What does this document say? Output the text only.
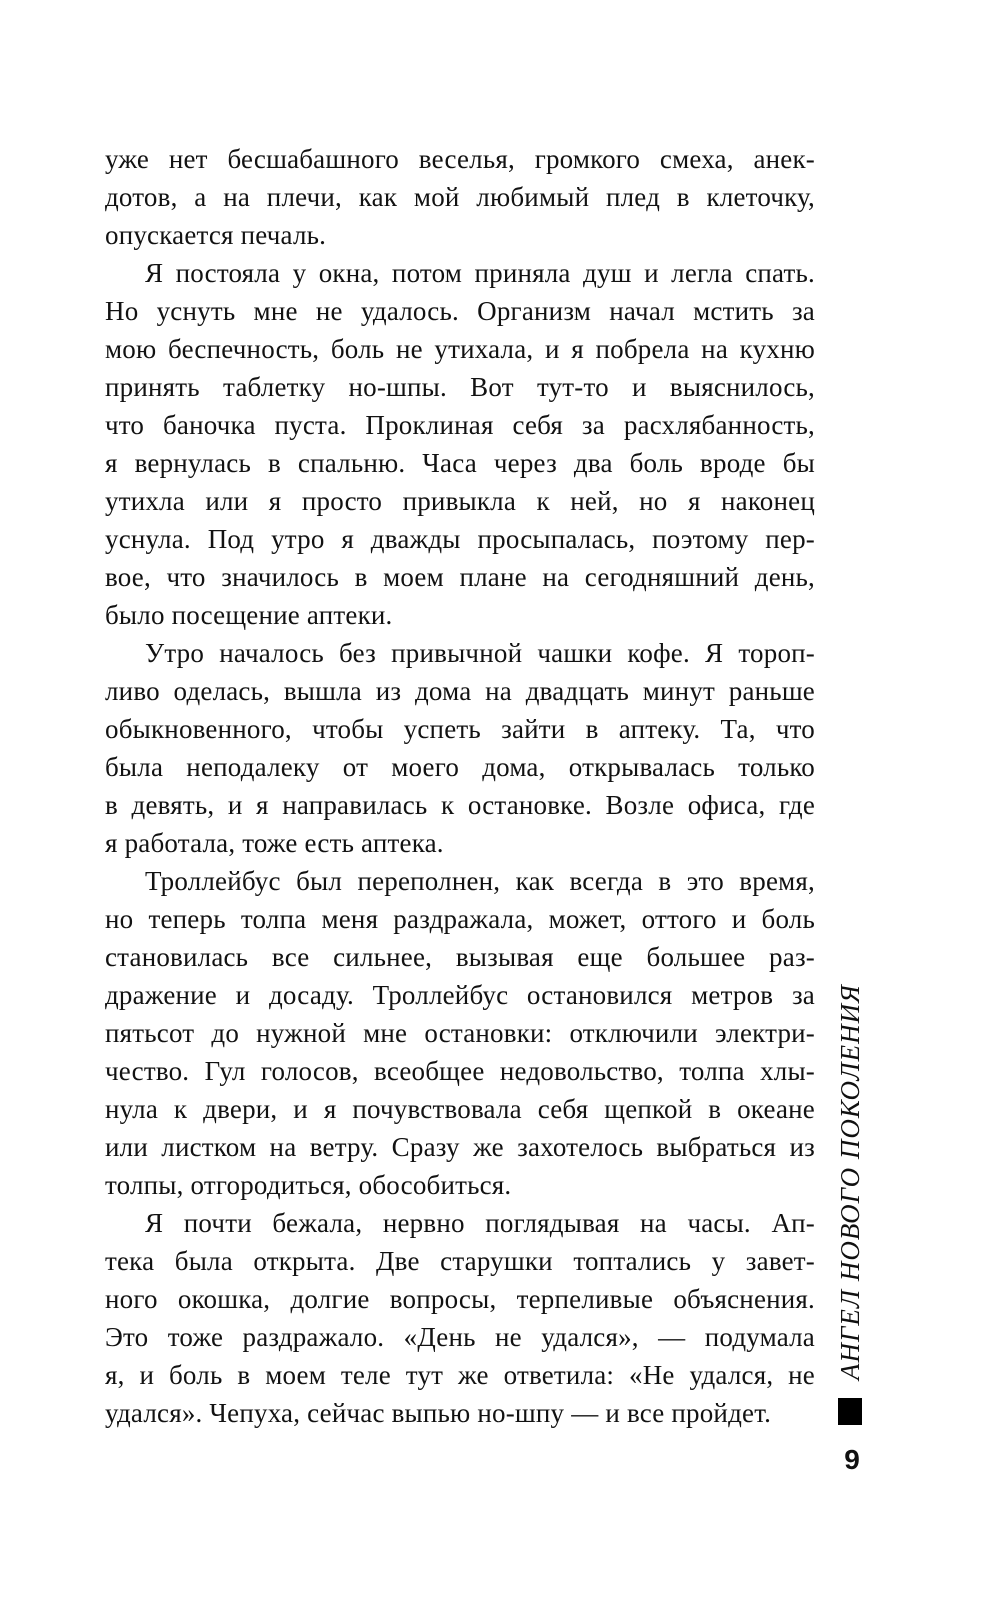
уже нет бесшабашного веселья, громкого смеха, анек-
дотов, а на плечи, как мой любимый плед в клеточку,
опускается печаль.
Я постояла у окна, потом приняла душ и легла спать.
Но уснуть мне не удалось. Организм начал мстить за
мою беспечность, боль не утихала, и я побрела на кухню
принять таблетку но-шпы. Вот тут-то и выяснилось,
что баночка пуста. Проклиная себя за расхлябанность,
я вернулась в спальню. Часа через два боль вроде бы
утихла или я просто привыкла к ней, но я наконец
уснула. Под утро я дважды просыпалась, поэтому пер-
вое, что значилось в моем плане на сегодняшний день,
было посещение аптеки.
Утро началось без привычной чашки кофе. Я тороп-
ливо оделась, вышла из дома на двадцать минут раньше
обыкновенного, чтобы успеть зайти в аптеку. Та, что
была неподалеку от моего дома, открывалась только
в девять, и я направилась к остановке. Возле офиса, где
я работала, тоже есть аптека.
Троллейбус был переполнен, как всегда в это время,
но теперь толпа меня раздражала, может, оттого и боль
становилась все сильнее, вызывая еще большее раз-
дражение и досаду. Троллейбус остановился метров за
пятьсот до нужной мне остановки: отключили электри-
чество. Гул голосов, всеобщее недовольство, толпа хлы-
нула к двери, и я почувствовала себя щепкой в океане
или листком на ветру. Сразу же захотелось выбраться из
толпы, отгородиться, обособиться.
Я почти бежала, нервно поглядывая на часы. Ап-
тека была открыта. Две старушки топтались у завет-
ного окошка, долгие вопросы, терпеливые объяснения.
Это тоже раздражало. «День не удался», — подумала
я, и боль в моем теле тут же ответила: «Не удался, не
удался». Чепуха, сейчас выпью но-шпу — и все пройдет.
АНГЕЛ НОВОГО ПОКОЛЕНИЯ
9
